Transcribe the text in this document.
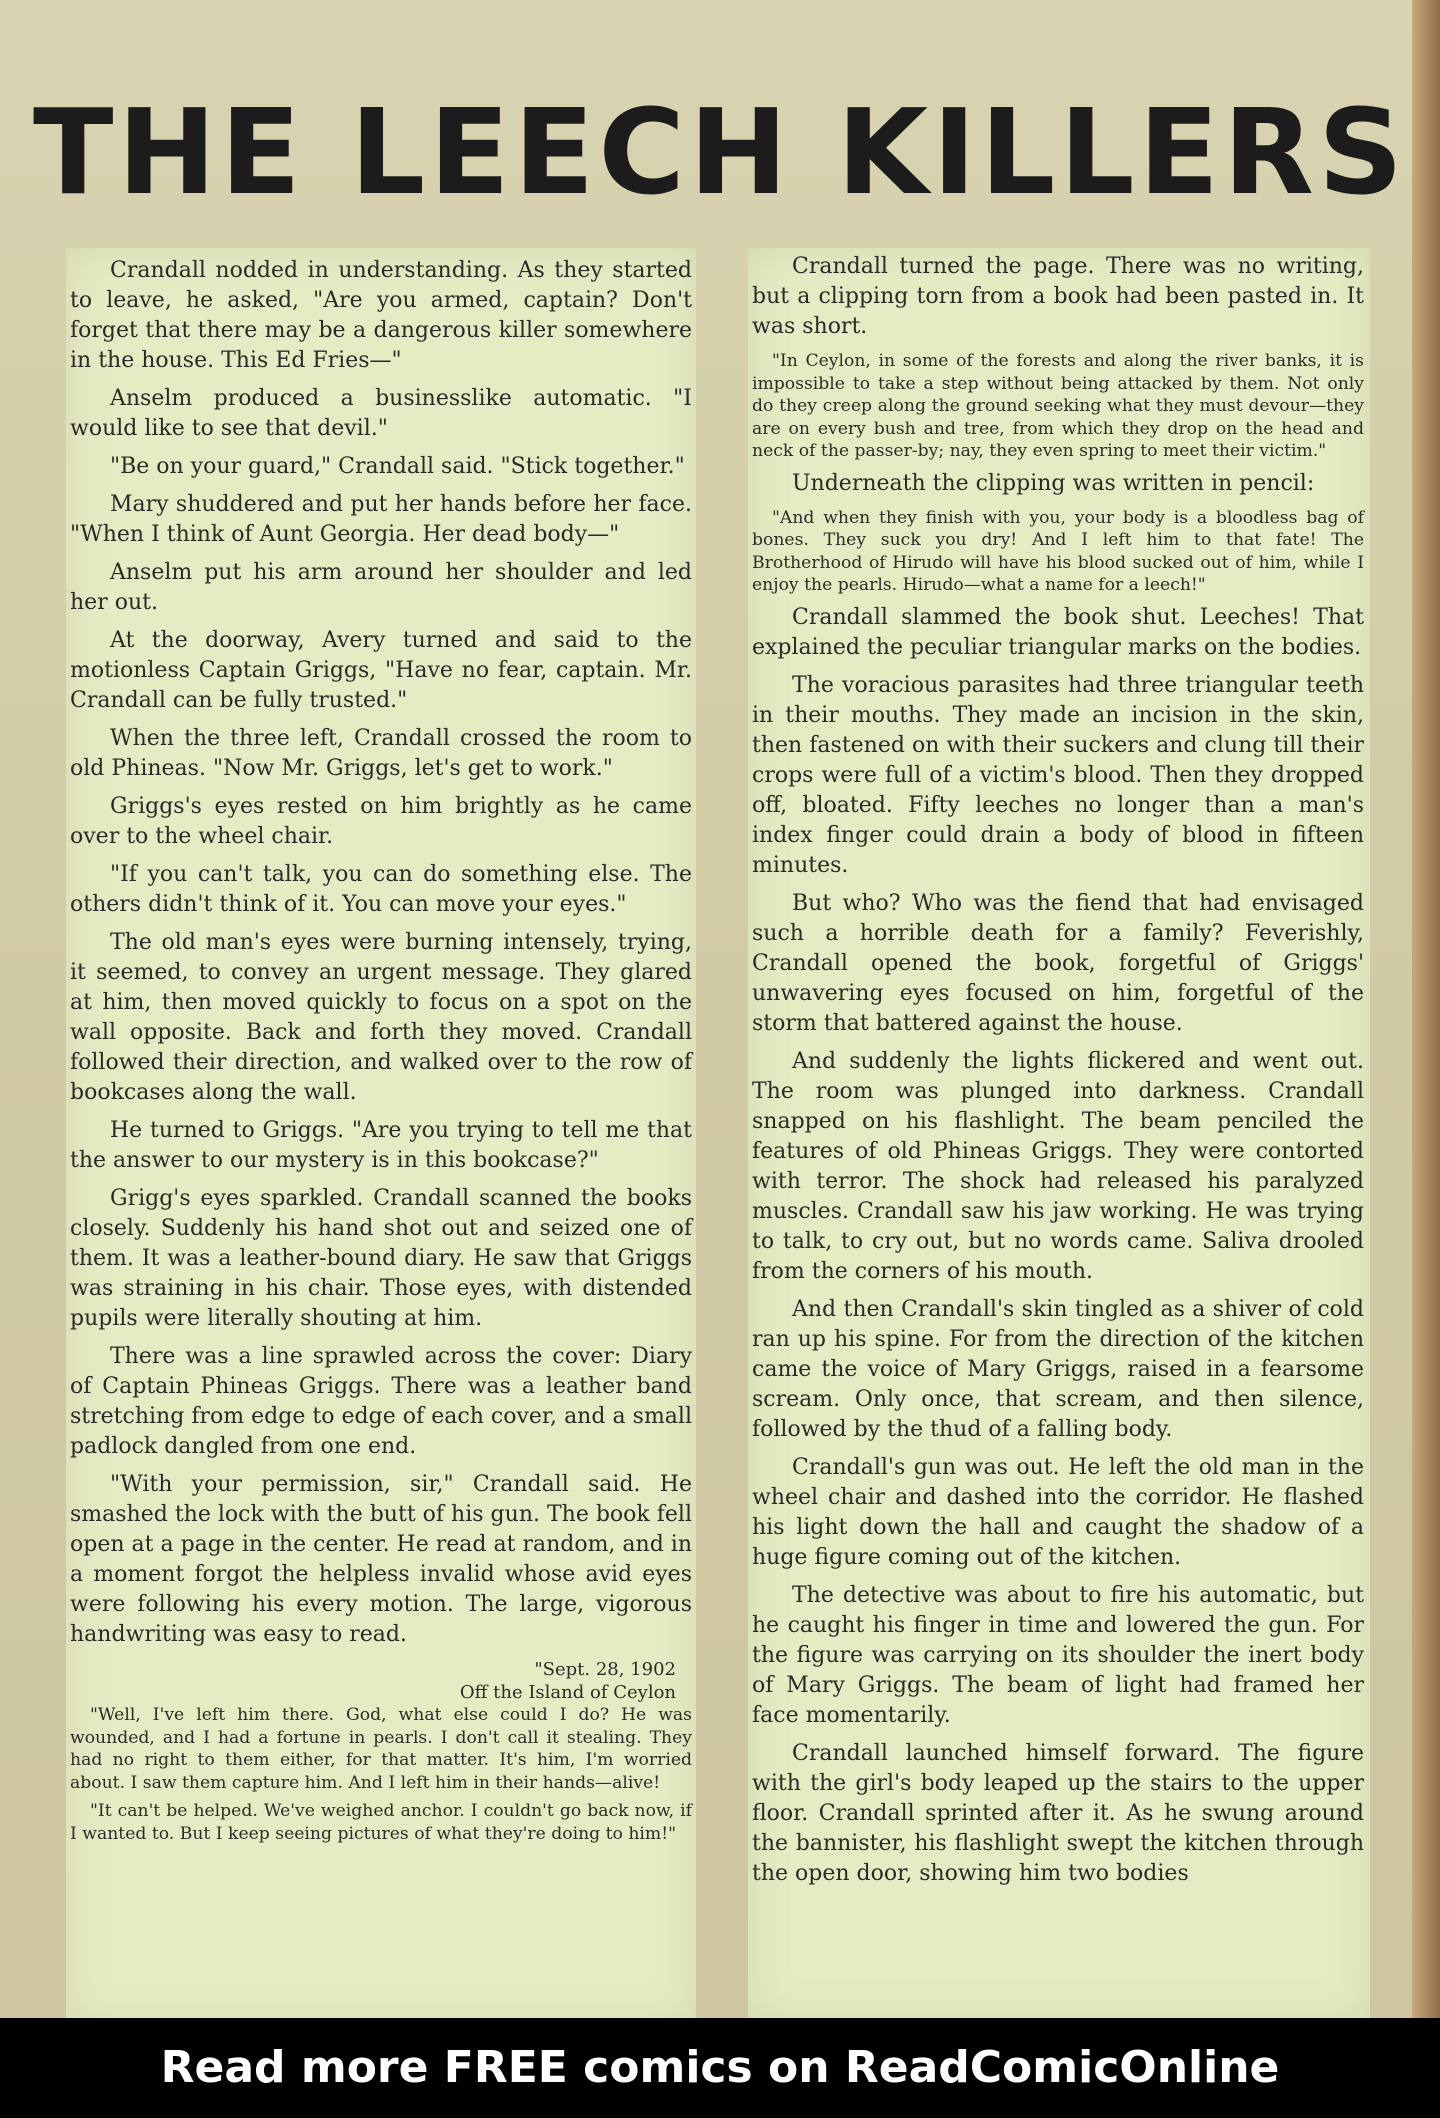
THE LEECH KILLERS

Crandall nodded in understanding. As they started to leave, he asked, "Are you armed, captain? Don't forget that there may be a dangerous killer somewhere in the house. This Ed Fries—"

Anselm produced a businesslike automatic. "I would like to see that devil."

"Be on your guard," Crandall said. "Stick together."

Mary shuddered and put her hands before her face. "When I think of Aunt Georgia. Her dead body—"

Anselm put his arm around her shoulder and led her out.

At the doorway, Avery turned and said to the motionless Captain Griggs, "Have no fear, captain. Mr. Crandall can be fully trusted."

When the three left, Crandall crossed the room to old Phineas. "Now Mr. Griggs, let's get to work."

Griggs's eyes rested on him brightly as he came over to the wheel chair.

"If you can't talk, you can do something else. The others didn't think of it. You can move your eyes."

The old man's eyes were burning intensely, trying, it seemed, to convey an urgent message. They glared at him, then moved quickly to focus on a spot on the wall opposite. Back and forth they moved. Crandall followed their direction, and walked over to the row of bookcases along the wall.

He turned to Griggs. "Are you trying to tell me that the answer to our mystery is in this bookcase?"

Grigg's eyes sparkled. Crandall scanned the books closely. Suddenly his hand shot out and seized one of them. It was a leather-bound diary. He saw that Griggs was straining in his chair. Those eyes, with distended pupils were literally shouting at him.

There was a line sprawled across the cover: Diary of Captain Phineas Griggs. There was a leather band stretching from edge to edge of each cover, and a small padlock dangled from one end.

"With your permission, sir," Crandall said. He smashed the lock with the butt of his gun. The book fell open at a page in the center. He read at random, and in a moment forgot the helpless invalid whose avid eyes were following his every motion. The large, vigorous handwriting was easy to read.

"Sept. 28, 1902

Off the Island of Ceylon

"Well, I've left him there. God, what else could I do? He was wounded, and I had a fortune in pearls. I don't call it stealing. They had no right to them either, for that matter. It's him, I'm worried about. I saw them capture him. And I left him in their hands—alive!

"It can't be helped. We've weighed anchor. I couldn't go back now, if I wanted to. But I keep seeing pictures of what they're doing to him!"

Crandall turned the page. There was no writing, but a clipping torn from a book had been pasted in. It was short.

"In Ceylon, in some of the forests and along the river banks, it is impossible to take a step without being attacked by them. Not only do they creep along the ground seeking what they must devour—they are on every bush and tree, from which they drop on the head and neck of the passer-by; nay, they even spring to meet their victim."

Underneath the clipping was written in pencil:

"And when they finish with you, your body is a bloodless bag of bones. They suck you dry! And I left him to that fate! The Brotherhood of Hirudo will have his blood sucked out of him, while I enjoy the pearls. Hirudo—what a name for a leech!"

Crandall slammed the book shut. Leeches! That explained the peculiar triangular marks on the bodies.

The voracious parasites had three triangular teeth in their mouths. They made an incision in the skin, then fastened on with their suckers and clung till their crops were full of a victim's blood. Then they dropped off, bloated. Fifty leeches no longer than a man's index finger could drain a body of blood in fifteen minutes.

But who? Who was the fiend that had envisaged such a horrible death for a family? Feverishly, Crandall opened the book, forgetful of Griggs' unwavering eyes focused on him, forgetful of the storm that battered against the house.

And suddenly the lights flickered and went out. The room was plunged into darkness. Crandall snapped on his flashlight. The beam penciled the features of old Phineas Griggs. They were contorted with terror. The shock had released his paralyzed muscles. Crandall saw his jaw working. He was trying to talk, to cry out, but no words came. Saliva drooled from the corners of his mouth.

And then Crandall's skin tingled as a shiver of cold ran up his spine. For from the direction of the kitchen came the voice of Mary Griggs, raised in a fearsome scream. Only once, that scream, and then silence, followed by the thud of a falling body.

Crandall's gun was out. He left the old man in the wheel chair and dashed into the corridor. He flashed his light down the hall and caught the shadow of a huge figure coming out of the kitchen.

The detective was about to fire his automatic, but he caught his finger in time and lowered the gun. For the figure was carrying on its shoulder the inert body of Mary Griggs. The beam of light had framed her face momentarily.

Crandall launched himself forward. The figure with the girl's body leaped up the stairs to the upper floor. Crandall sprinted after it. As he swung around the bannister, his flashlight swept the kitchen through the open door, showing him two bodies

Read more FREE comics on ReadComicOnline
